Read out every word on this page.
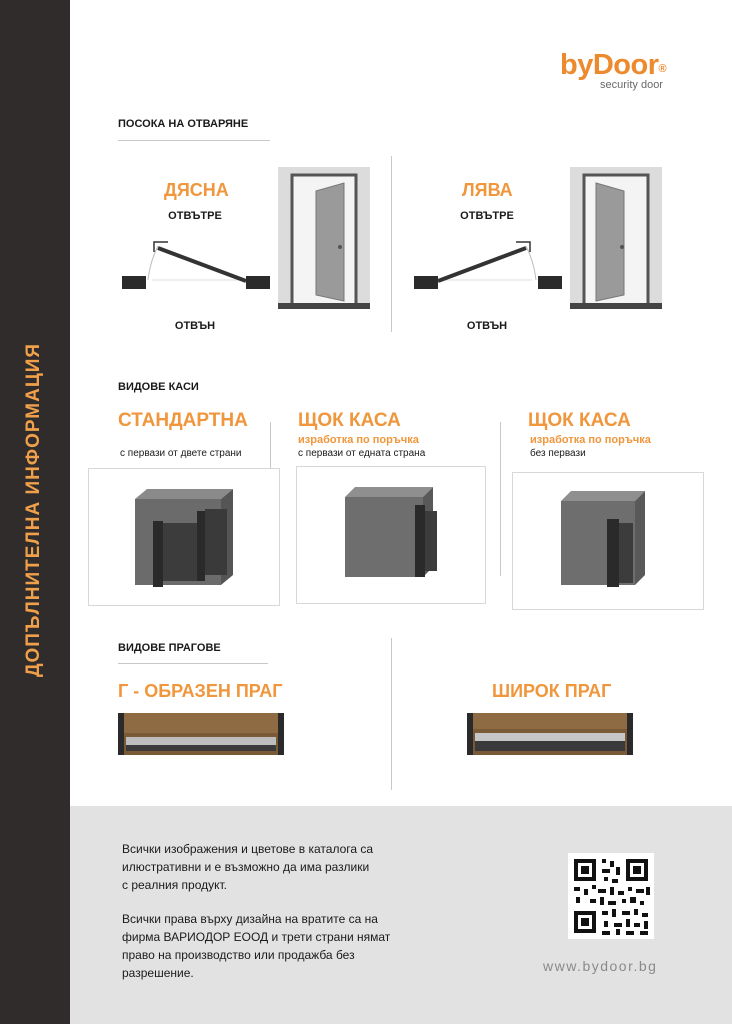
ДОПЪЛНИТЕЛНА ИНФОРМАЦИЯ
byDoor®
security door
ПОСОКА НА ОТВАРЯНЕ
ДЯСНА
ОТВЪТРЕ
ОТВЪН
ЛЯВА
ОТВЪТРЕ
ОТВЪН
ВИДОВЕ КАСИ
СТАНДАРТНА
с первази от двете страни
ЩОК КАСА
изработка по поръчка
с первази от едната страна
ЩОК КАСА
изработка по поръчка
без первази
ВИДОВЕ ПРАГОВЕ
Г - ОБРАЗЕН ПРАГ	ШИРОК ПРАГ
Всички изображения и цветове в каталога са
илюстративни и е възможно да има разлики
с реалния продукт.
Всички права върху дизайна на вратите са на
фирма ВАРИОДОР ЕООД и трети страни нямат
право на производство или продажба без
разрешение.	www.bydoor.bg
